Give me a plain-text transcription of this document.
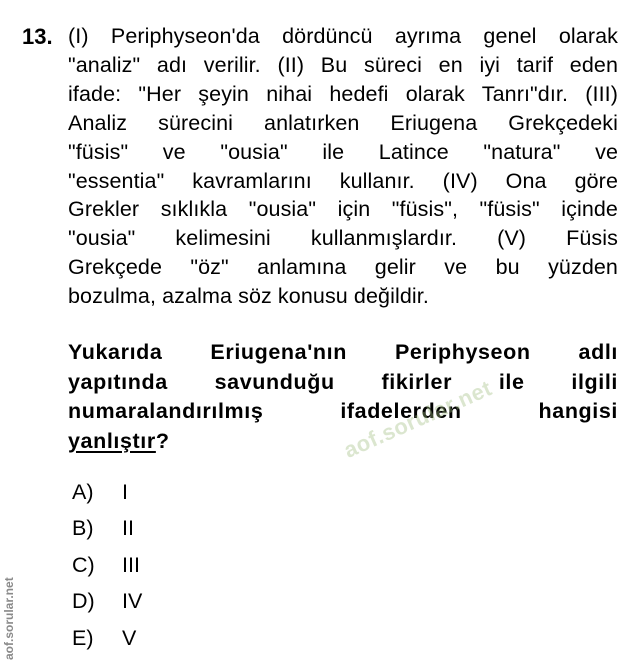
13. (I) Periphyseon'da dördüncü ayrıma genel olarak
"analiz" adı verilir. (II) Bu süreci en iyi tarif eden
ifade: "Her şeyin nihai hedefi olarak Tanrı"dır. (III)
Analiz sürecini anlatırken Eriugena Grekçedeki
"füsis" ve "ousia" ile Latince "natura" ve
"essentia" kavramlarını kullanır. (IV) Ona göre
Grekler sıklıkla "ousia" için "füsis", "füsis" içinde
"ousia" kelimesini kullanmışlardır. (V) Füsis
Grekçede "öz" anlamına gelir ve bu yüzden
bozulma, azalma söz konusu değildir.
Yukarıda Eriugena'nın Periphyseon adlı
yapıtında savunduğu fikirler ile ilgili
numaralandırılmış ifadelerden hangisi
yanlıştır?
A)	I
B)	II
C)	III
D)	IV
E)	V
aof.sorular.net
aof.sorular.net
